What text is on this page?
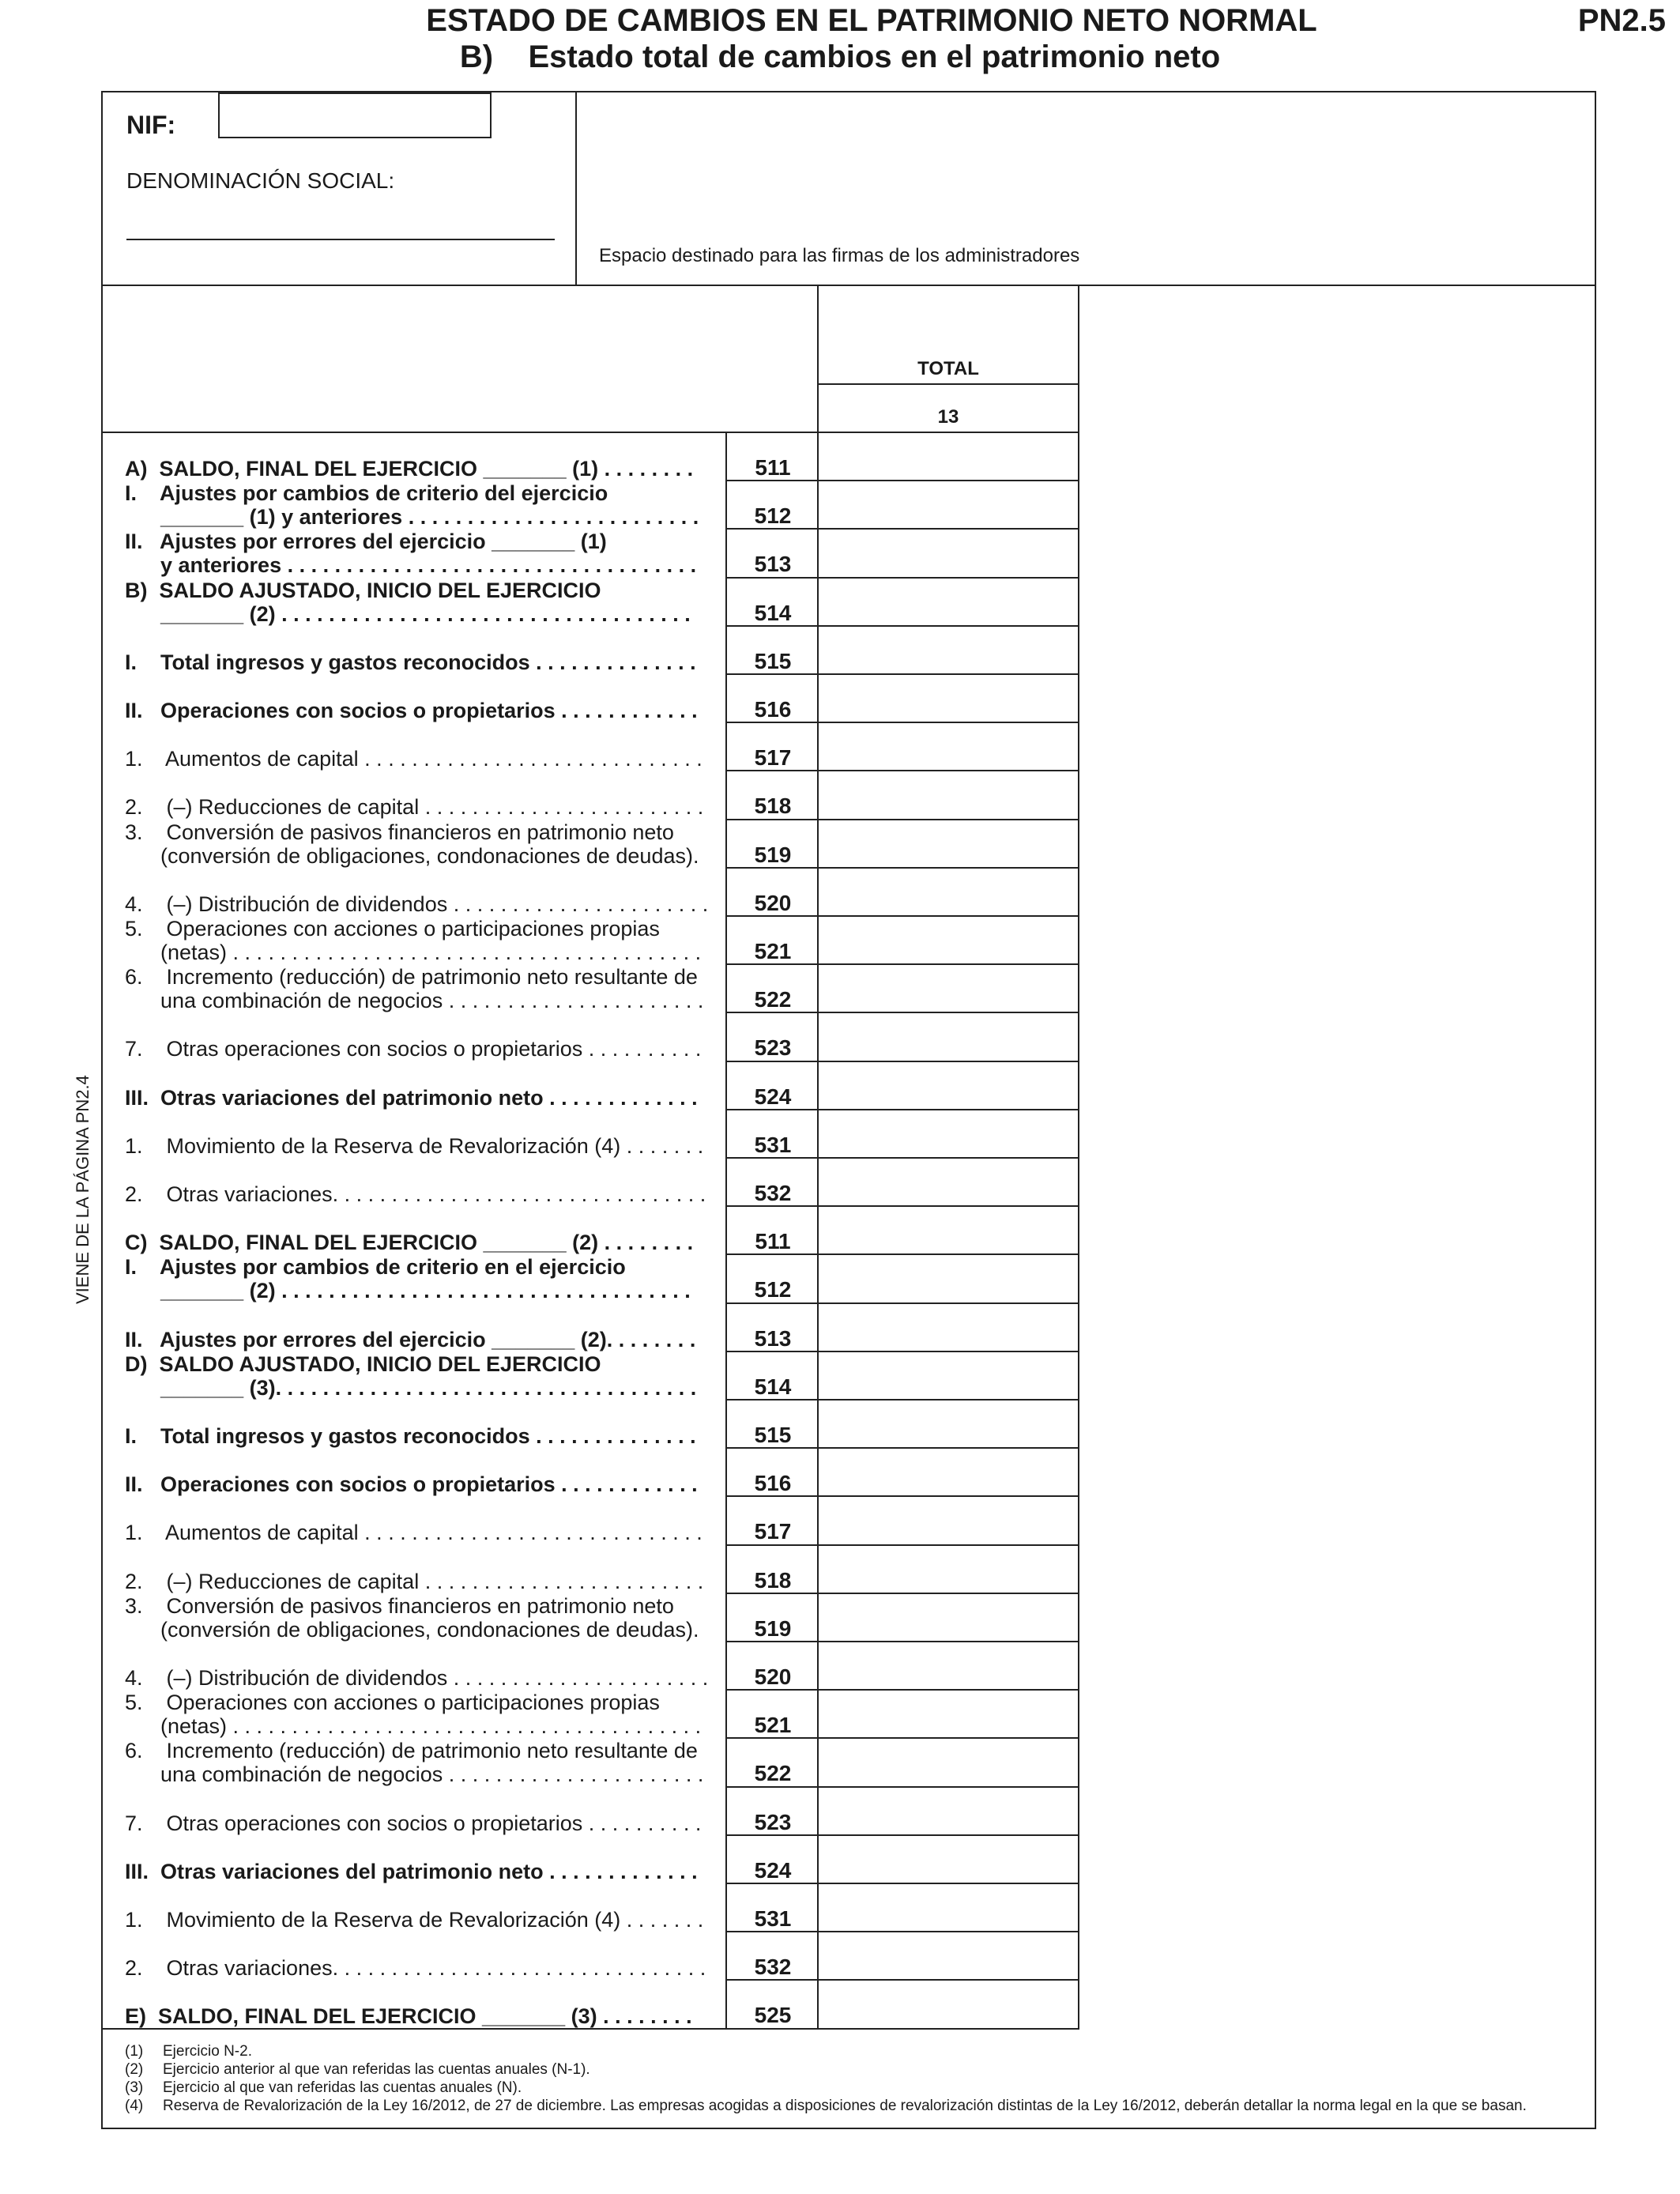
ESTADO DE CAMBIOS EN EL PATRIMONIO NETO NORMAL
B)    Estado total de cambios en el patrimonio neto
PN2.5
NIF:
DENOMINACIÓN SOCIAL:
Espacio destinado para las firmas de los administradores
TOTAL
13
A)  SALDO, FINAL DEL EJERCICIO _______ (1) . . . . . . . .	511
I.    Ajustes por cambios de criterio del ejercicio
_______ (1) y anteriores . . . . . . . . . . . . . . . . . . . . . . . . .	512
II.   Ajustes por errores del ejercicio _______ (1)
y anteriores . . . . . . . . . . . . . . . . . . . . . . . . . . . . . . . . . . .	513
B)  SALDO AJUSTADO, INICIO DEL EJERCICIO
_______ (2) . . . . . . . . . . . . . . . . . . . . . . . . . . . . . . . . . . .	514
I.    Total ingresos y gastos reconocidos . . . . . . . . . . . . . .	515
II.   Operaciones con socios o propietarios . . . . . . . . . . . .	516
1.    Aumentos de capital . . . . . . . . . . . . . . . . . . . . . . . . . . . . .	517
2.    (–) Reducciones de capital . . . . . . . . . . . . . . . . . . . . . . . .	518
3.    Conversión de pasivos financieros en patrimonio neto
(conversión de obligaciones, condonaciones de deudas).	519
4.    (–) Distribución de dividendos . . . . . . . . . . . . . . . . . . . . . .	520
5.    Operaciones con acciones o participaciones propias
(netas) . . . . . . . . . . . . . . . . . . . . . . . . . . . . . . . . . . . . . . . .	521
6.    Incremento (reducción) de patrimonio neto resultante de
una combinación de negocios . . . . . . . . . . . . . . . . . . . . . .	522
7.    Otras operaciones con socios o propietarios . . . . . . . . . .	523
III.  Otras variaciones del patrimonio neto . . . . . . . . . . . . .	524
1.    Movimiento de la Reserva de Revalorización (4) . . . . . . .	531
2.    Otras variaciones. . . . . . . . . . . . . . . . . . . . . . . . . . . . . . . .	532
C)  SALDO, FINAL DEL EJERCICIO _______ (2) . . . . . . . .	511
I.    Ajustes por cambios de criterio en el ejercicio
_______ (2) . . . . . . . . . . . . . . . . . . . . . . . . . . . . . . . . . . .	512
II.   Ajustes por errores del ejercicio _______ (2). . . . . . . .	513
D)  SALDO AJUSTADO, INICIO DEL EJERCICIO
_______ (3). . . . . . . . . . . . . . . . . . . . . . . . . . . . . . . . . . . .	514
I.    Total ingresos y gastos reconocidos . . . . . . . . . . . . . .	515
II.   Operaciones con socios o propietarios . . . . . . . . . . . .	516
1.    Aumentos de capital . . . . . . . . . . . . . . . . . . . . . . . . . . . . .	517
2.    (–) Reducciones de capital . . . . . . . . . . . . . . . . . . . . . . . .	518
3.    Conversión de pasivos financieros en patrimonio neto
(conversión de obligaciones, condonaciones de deudas).	519
4.    (–) Distribución de dividendos . . . . . . . . . . . . . . . . . . . . . .	520
5.    Operaciones con acciones o participaciones propias
(netas) . . . . . . . . . . . . . . . . . . . . . . . . . . . . . . . . . . . . . . . .	521
6.    Incremento (reducción) de patrimonio neto resultante de
una combinación de negocios . . . . . . . . . . . . . . . . . . . . . .	522
7.    Otras operaciones con socios o propietarios . . . . . . . . . .	523
III.  Otras variaciones del patrimonio neto . . . . . . . . . . . . .	524
1.    Movimiento de la Reserva de Revalorización (4) . . . . . . .	531
2.    Otras variaciones. . . . . . . . . . . . . . . . . . . . . . . . . . . . . . . .	532
E)  SALDO, FINAL DEL EJERCICIO _______ (3) . . . . . . . .	525
VIENE DE LA PÁGINA PN2.4
(1) Ejercicio N-2.
(2) Ejercicio anterior al que van referidas las cuentas anuales (N-1).
(3) Ejercicio al que van referidas las cuentas anuales (N).
(4) Reserva de Revalorización de la Ley 16/2012, de 27 de diciembre. Las empresas acogidas a disposiciones de revalorización distintas de la Ley 16/2012, deberán detallar la norma legal en la que se basan.
